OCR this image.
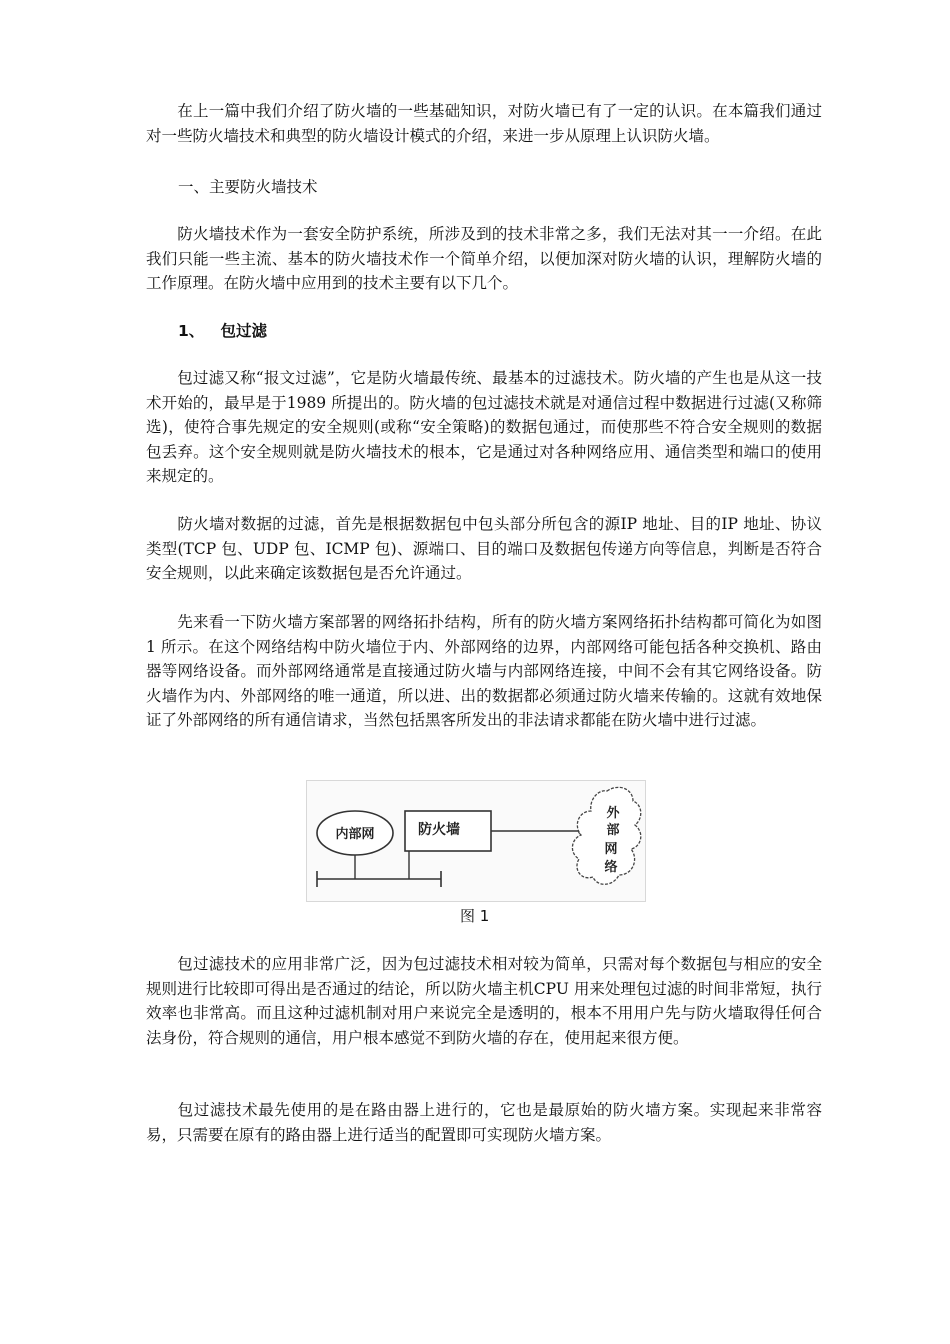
在上一篇中我们介绍了防火墙的一些基础知识，对防火墙已有了一定的认识。在本篇我们通过对一些防火墙技术和典型的防火墙设计模式的介绍，来进一步从原理上认识防火墙。

一、主要防火墙技术

防火墙技术作为一套安全防护系统，所涉及到的技术非常之多，我们无法对其一一介绍。在此我们只能一些主流、基本的防火墙技术作一个简单介绍，以便加深对防火墙的认识，理解防火墙的工作原理。在防火墙中应用到的技术主要有以下几个。

1、 包过滤

包过滤又称“报文过滤”，它是防火墙最传统、最基本的过滤技术。防火墙的产生也是从这一技术开始的，最早是于1989 所提出的。防火墙的包过滤技术就是对通信过程中数据进行过滤(又称筛选)，使符合事先规定的安全规则(或称“安全策略)的数据包通过，而使那些不符合安全规则的数据包丢弃。这个安全规则就是防火墙技术的根本，它是通过对各种网络应用、通信类型和端口的使用来规定的。

防火墙对数据的过滤，首先是根据数据包中包头部分所包含的源IP 地址、目的IP 地址、协议类型(TCP 包、UDP 包、ICMP 包)、源端口、目的端口及数据包传递方向等信息，判断是否符合安全规则，以此来确定该数据包是否允许通过。

先来看一下防火墙方案部署的网络拓扑结构，所有的防火墙方案网络拓扑结构都可简化为如图 1 所示。在这个网络结构中防火墙位于内、外部网络的边界，内部网络可能包括各种交换机、路由器等网络设备。而外部网络通常是直接通过防火墙与内部网络连接，中间不会有其它网络设备。防火墙作为内、外部网络的唯一通道，所以进、出的数据都必须通过防火墙来传输的。这就有效地保证了外部网络的所有通信请求，当然包括黑客所发出的非法请求都能在防火墙中进行过滤。

内部网	防火墙
外
部
网
络
图 1

包过滤技术的应用非常广泛，因为包过滤技术相对较为简单，只需对每个数据包与相应的安全规则进行比较即可得出是否通过的结论，所以防火墙主机CPU 用来处理包过滤的时间非常短，执行效率也非常高。而且这种过滤机制对用户来说完全是透明的，根本不用用户先与防火墙取得任何合法身份，符合规则的通信，用户根本感觉不到防火墙的存在，使用起来很方便。

包过滤技术最先使用的是在路由器上进行的，它也是最原始的防火墙方案。实现起来非常容易，只需要在原有的路由器上进行适当的配置即可实现防火墙方案。
